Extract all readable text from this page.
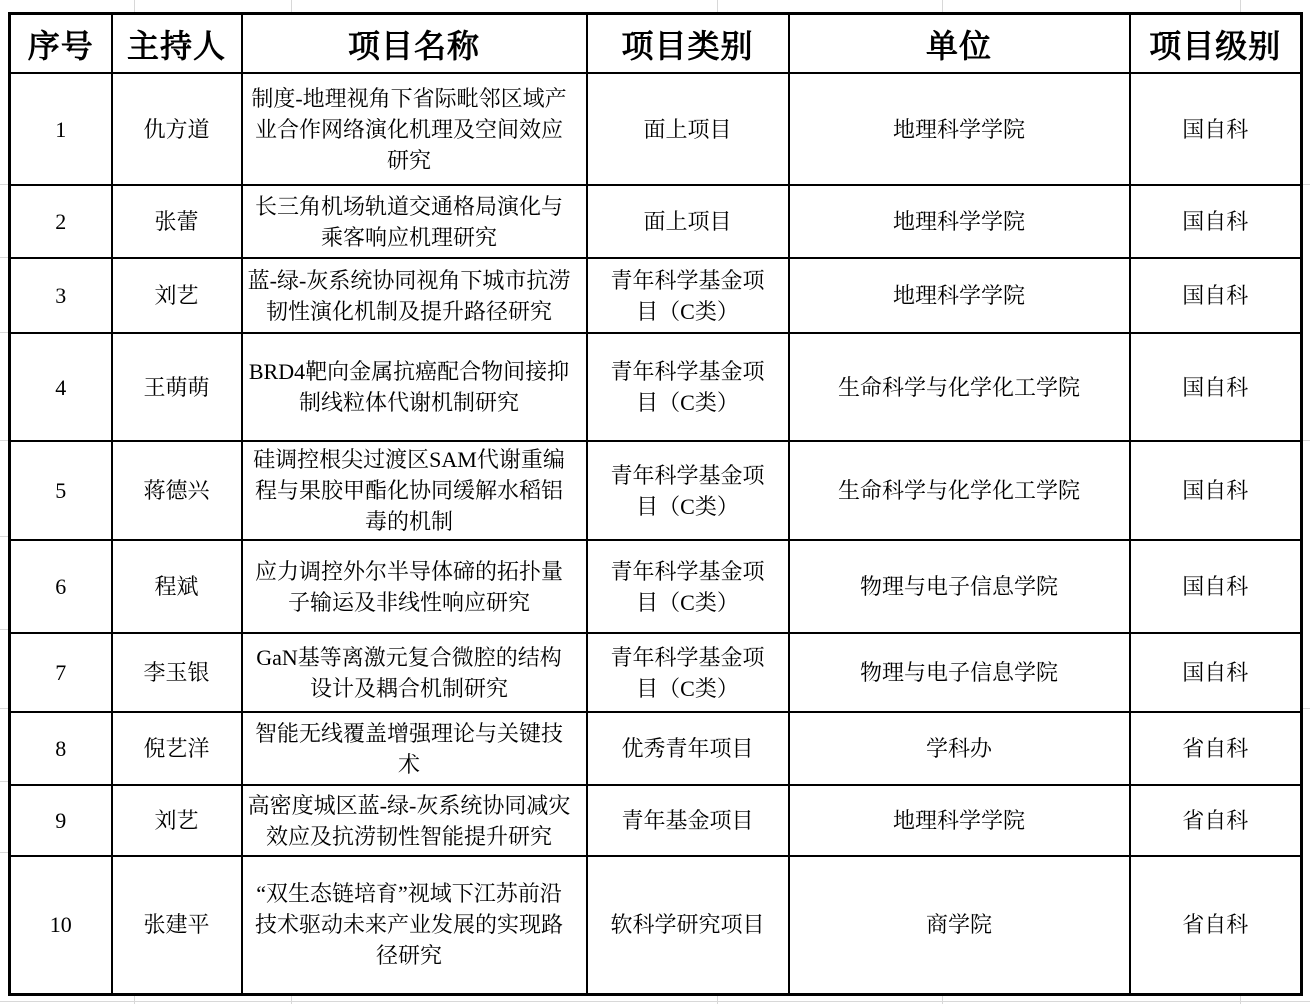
序号	主持人	项目名称	项目类别	单位	项目级别
1	仇方道	制度-地理视角下省际毗邻区域产业合作网络演化机理及空间效应研究	面上项目	地理科学学院	国自科
2	张蕾	长三角机场轨道交通格局演化与乘客响应机理研究	面上项目	地理科学学院	国自科
3	刘艺	蓝-绿-灰系统协同视角下城市抗涝韧性演化机制及提升路径研究	青年科学基金项目（C类）	地理科学学院	国自科
4	王萌萌	BRD4靶向金属抗癌配合物间接抑制线粒体代谢机制研究	青年科学基金项目（C类）	生命科学与化学化工学院	国自科
5	蒋德兴	硅调控根尖过渡区SAM代谢重编程与果胶甲酯化协同缓解水稻铝毒的机制	青年科学基金项目（C类）	生命科学与化学化工学院	国自科
6	程斌	应力调控外尔半导体碲的拓扑量子输运及非线性响应研究	青年科学基金项目（C类）	物理与电子信息学院	国自科
7	李玉银	GaN基等离激元复合微腔的结构设计及耦合机制研究	青年科学基金项目（C类）	物理与电子信息学院	国自科
8	倪艺洋	智能无线覆盖增强理论与关键技术	优秀青年项目	学科办	省自科
9	刘艺	高密度城区蓝-绿-灰系统协同减灾效应及抗涝韧性智能提升研究	青年基金项目	地理科学学院	省自科
10	张建平	“双生态链培育”视域下江苏前沿技术驱动未来产业发展的实现路径研究	软科学研究项目	商学院	省自科
